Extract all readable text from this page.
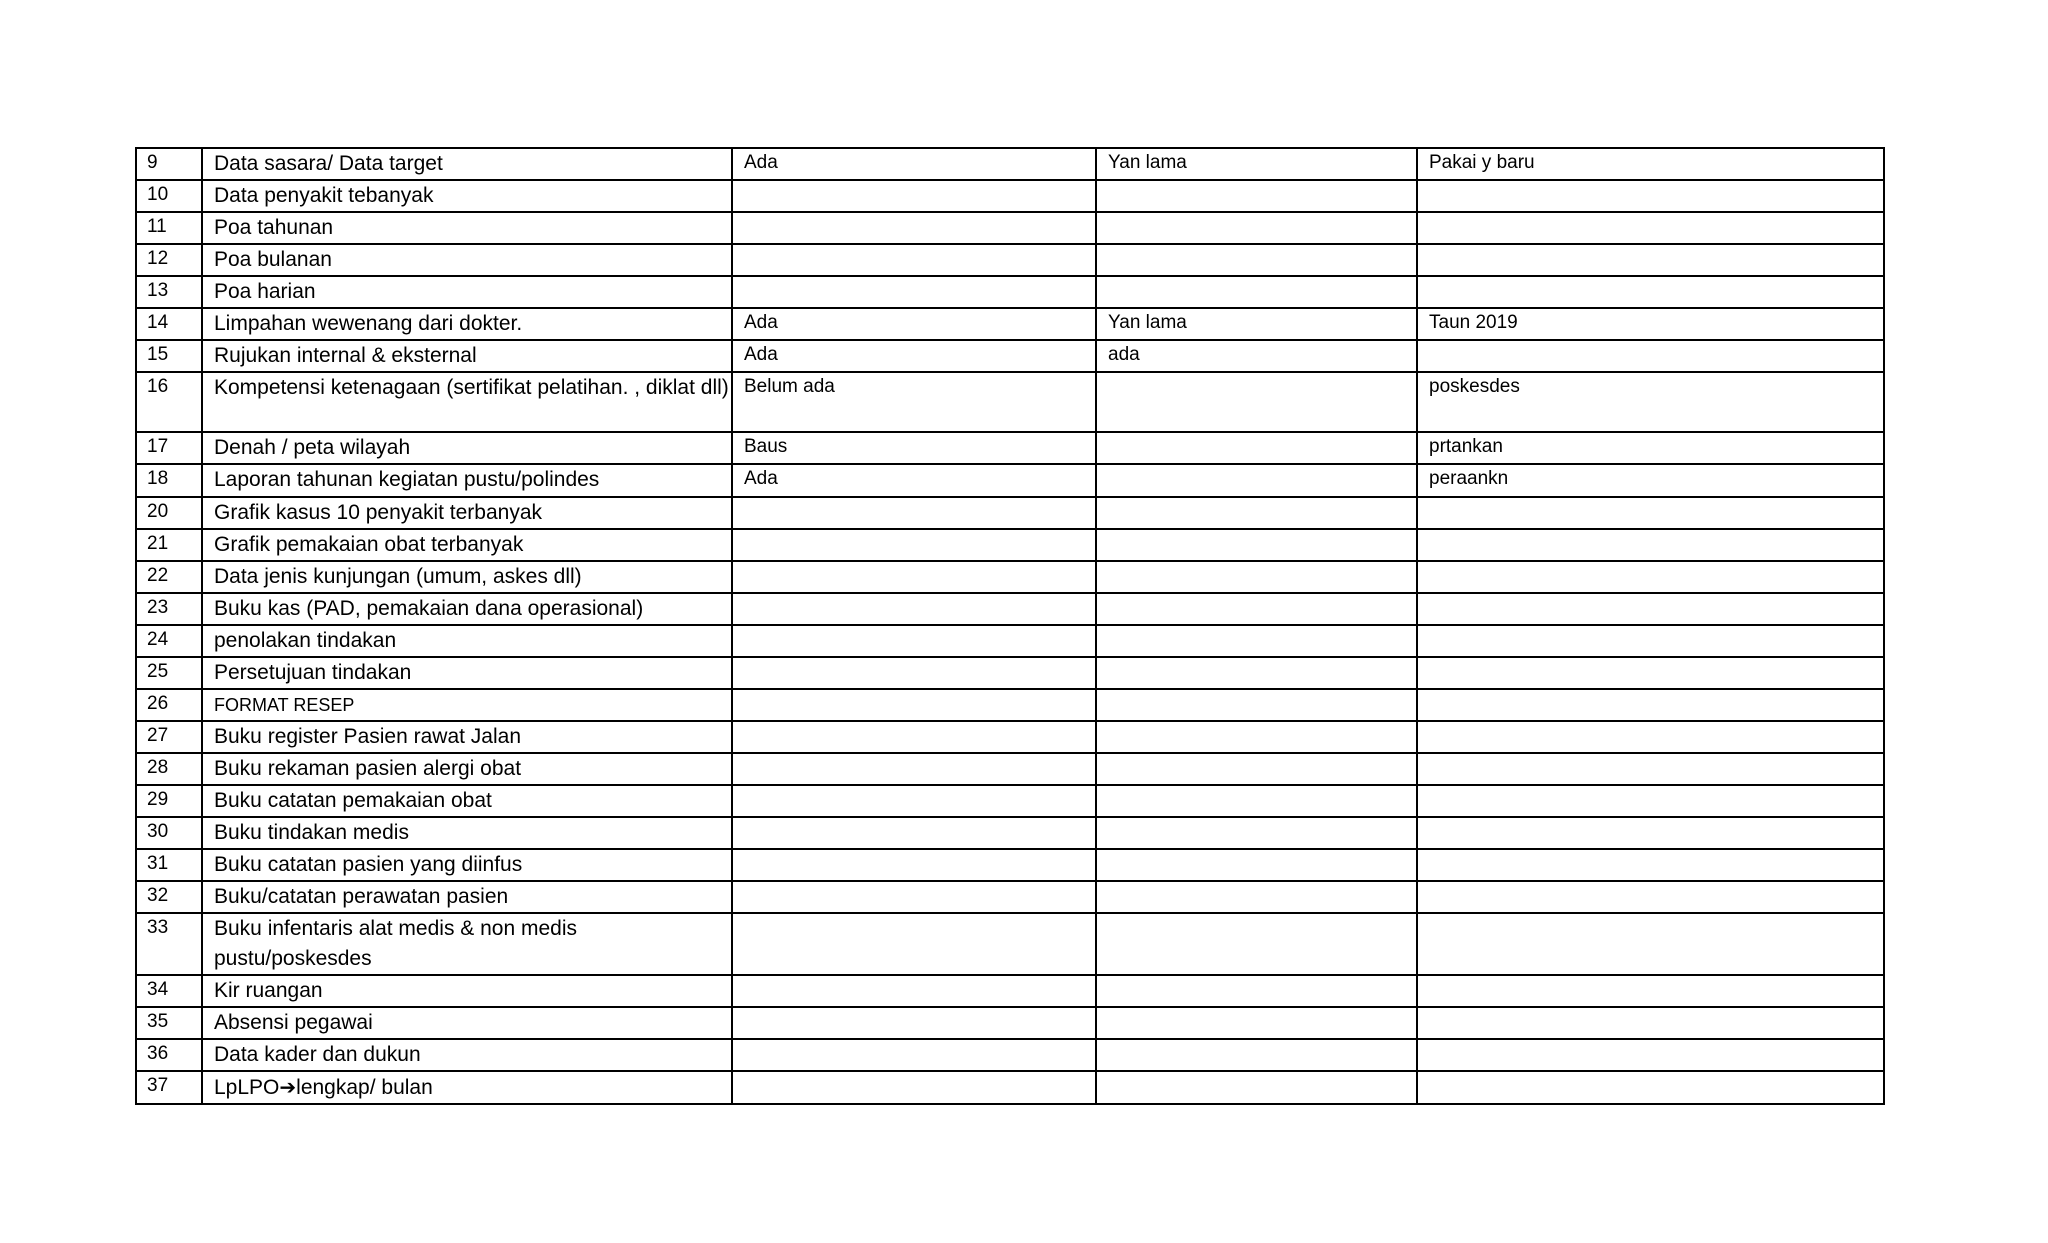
9	Data sasara/ Data target	Ada	Yan lama	Pakai y baru
10	Data penyakit tebanyak			
11	Poa tahunan			
12	Poa bulanan			
13	Poa harian			
14	Limpahan wewenang dari dokter.	Ada	Yan lama	Taun 2019
15	Rujukan internal & eksternal	Ada	ada	
16	Kompetensi ketenagaan (sertifikat pelatihan. , diklat dll)	Belum ada		poskesdes
17	Denah / peta wilayah	Baus		prtankan
18	Laporan tahunan kegiatan pustu/polindes	Ada		peraankn
20	Grafik kasus 10 penyakit terbanyak			
21	Grafik pemakaian obat terbanyak			
22	Data jenis kunjungan (umum, askes dll)			
23	Buku kas (PAD, pemakaian dana operasional)			
24	penolakan tindakan			
25	Persetujuan tindakan			
26	FORMAT RESEP			
27	Buku register Pasien rawat Jalan			
28	Buku rekaman pasien alergi obat			
29	Buku catatan pemakaian obat			
30	Buku tindakan medis			
31	Buku catatan pasien yang diinfus			
32	Buku/catatan perawatan pasien			
33	Buku infentaris alat medis & non medis pustu/poskesdes			
34	Kir ruangan			
35	Absensi pegawai			
36	Data kader dan dukun			
37	LpLPO➔lengkap/ bulan			
